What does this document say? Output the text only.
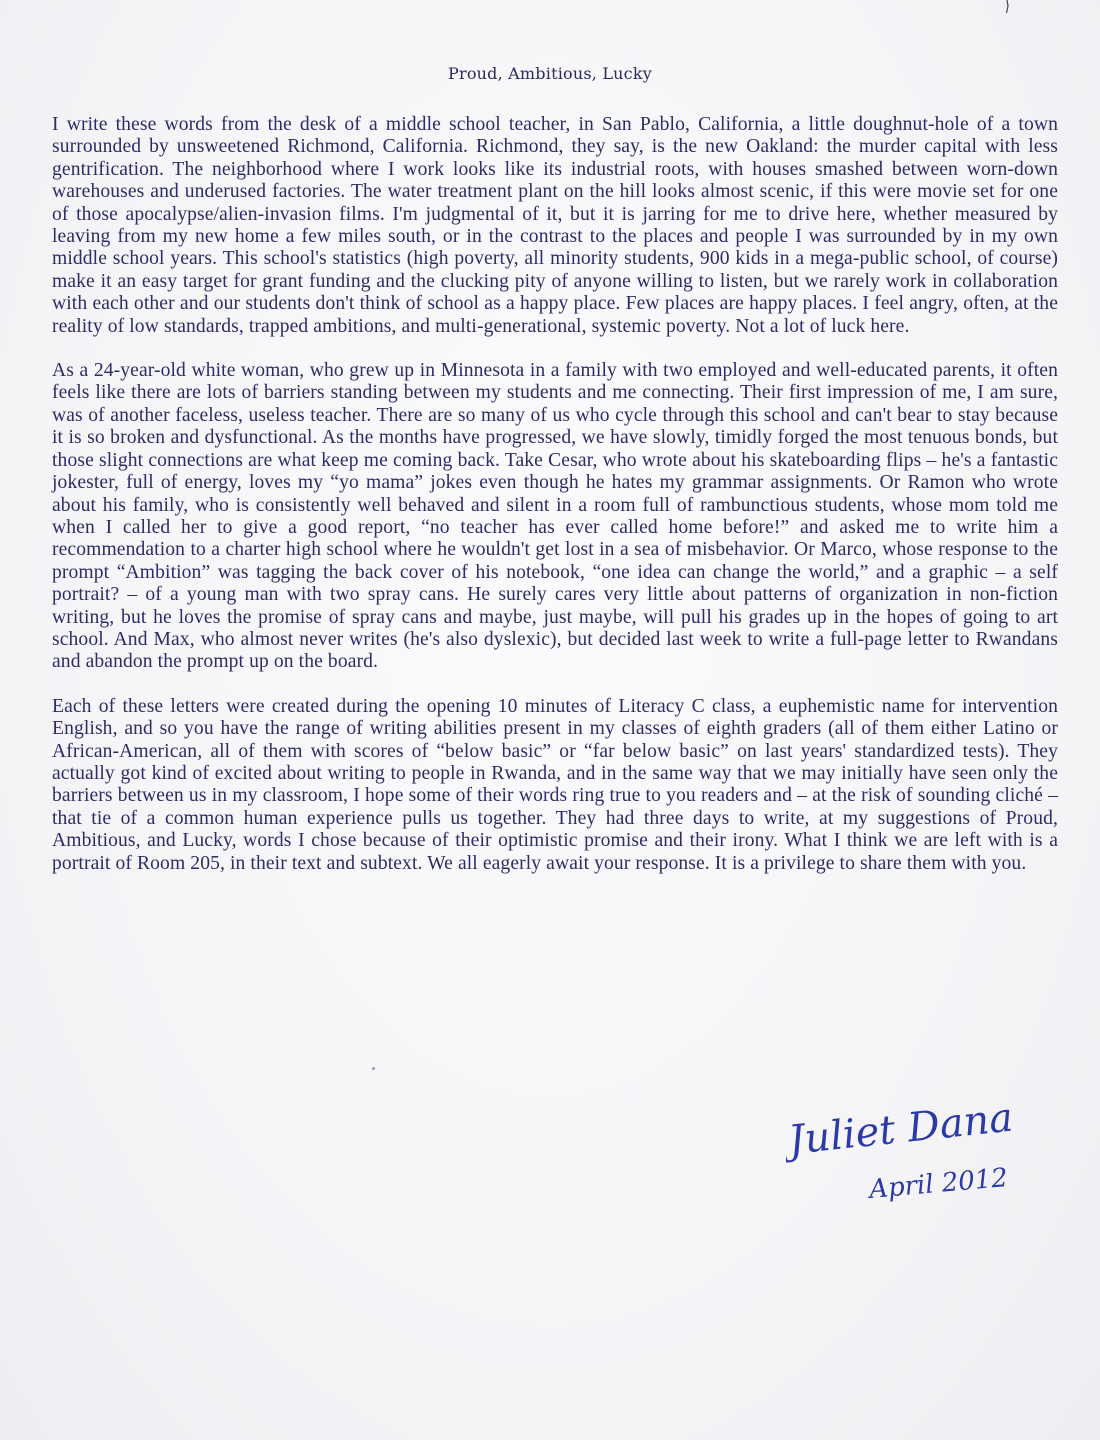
Proud, Ambitious, Lucky

I write these words from the desk of a middle school teacher, in San Pablo, California, a little doughnut-hole of a town surrounded by unsweetened Richmond, California. Richmond, they say, is the new Oakland: the murder capital with less gentrification. The neighborhood where I work looks like its industrial roots, with houses smashed between worn-down warehouses and underused factories. The water treatment plant on the hill looks almost scenic, if this were movie set for one of those apocalypse/alien-invasion films. I'm judgmental of it, but it is jarring for me to drive here, whether measured by leaving from my new home a few miles south, or in the contrast to the places and people I was surrounded by in my own middle school years. This school's statistics (high poverty, all minority students, 900 kids in a mega-public school, of course) make it an easy target for grant funding and the clucking pity of anyone willing to listen, but we rarely work in collaboration with each other and our students don't think of school as a happy place. Few places are happy places. I feel angry, often, at the reality of low standards, trapped ambitions, and multi-generational, systemic poverty. Not a lot of luck here.

As a 24-year-old white woman, who grew up in Minnesota in a family with two employed and well-educated parents, it often feels like there are lots of barriers standing between my students and me connecting. Their first impression of me, I am sure, was of another faceless, useless teacher. There are so many of us who cycle through this school and can't bear to stay because it is so broken and dysfunctional. As the months have progressed, we have slowly, timidly forged the most tenuous bonds, but those slight connections are what keep me coming back. Take Cesar, who wrote about his skateboarding flips – he's a fantastic jokester, full of energy, loves my “yo mama” jokes even though he hates my grammar assignments. Or Ramon who wrote about his family, who is consistently well behaved and silent in a room full of rambunctious students, whose mom told me when I called her to give a good report, “no teacher has ever called home before!” and asked me to write him a recommendation to a charter high school where he wouldn't get lost in a sea of misbehavior. Or Marco, whose response to the prompt “Ambition” was tagging the back cover of his notebook, “one idea can change the world,” and a graphic – a self portrait? – of a young man with two spray cans. He surely cares very little about patterns of organization in non-fiction writing, but he loves the promise of spray cans and maybe, just maybe, will pull his grades up in the hopes of going to art school. And Max, who almost never writes (he's also dyslexic), but decided last week to write a full-page letter to Rwandans and abandon the prompt up on the board.

Each of these letters were created during the opening 10 minutes of Literacy C class, a euphemistic name for intervention English, and so you have the range of writing abilities present in my classes of eighth graders (all of them either Latino or African-American, all of them with scores of “below basic” or “far below basic” on last years' standardized tests). They actually got kind of excited about writing to people in Rwanda, and in the same way that we may initially have seen only the barriers between us in my classroom, I hope some of their words ring true to you readers and – at the risk of sounding cliché – that tie of a common human experience pulls us together. They had three days to write, at my suggestions of Proud, Ambitious, and Lucky, words I chose because of their optimistic promise and their irony. What I think we are left with is a portrait of Room 205, in their text and subtext. We all eagerly await your response. It is a privilege to share them with you.

Juliet Dana
April 2012
